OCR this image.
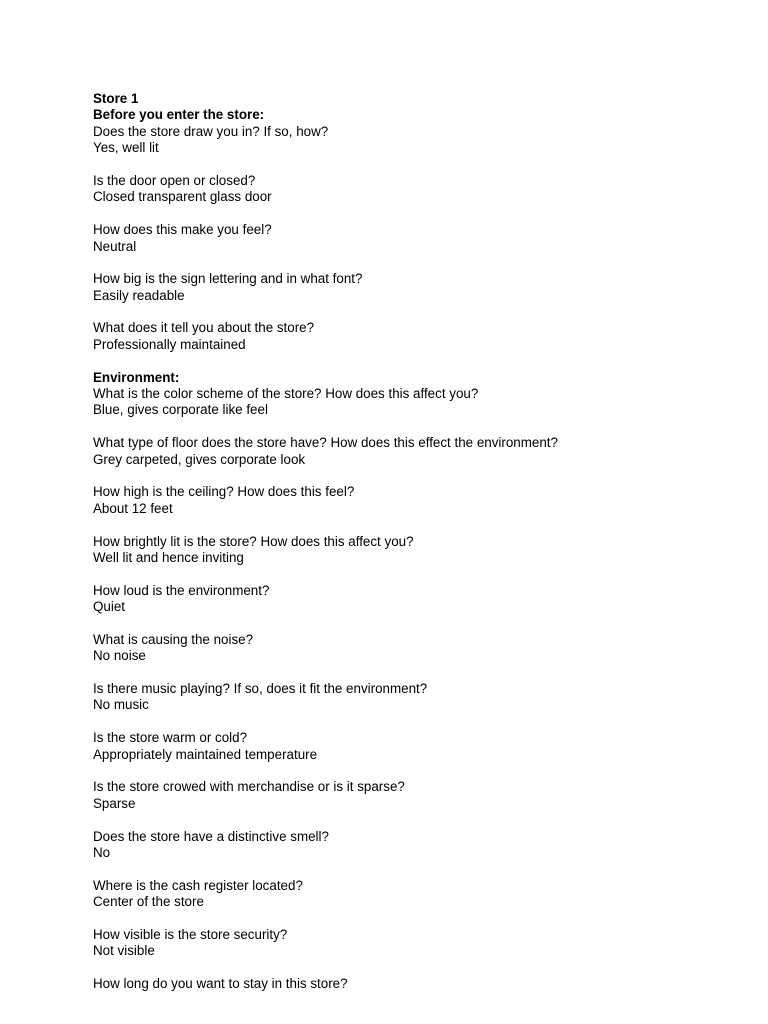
Store 1

Before you enter the store:

Does the store draw you in? If so, how?

Yes, well lit

Is the door open or closed?

Closed transparent glass door

How does this make you feel?

Neutral

How big is the sign lettering and in what font?

Easily readable

What does it tell you about the store?

Professionally maintained

Environment:

What is the color scheme of the store? How does this affect you?

Blue, gives corporate like feel

What type of floor does the store have? How does this effect the environment?

Grey carpeted, gives corporate look

How high is the ceiling? How does this feel?

About 12 feet

How brightly lit is the store? How does this affect you?

Well lit and hence inviting

How loud is the environment?

Quiet

What is causing the noise?

No noise

Is there music playing? If so, does it fit the environment?

No music

Is the store warm or cold?

Appropriately maintained temperature

Is the store crowed with merchandise or is it sparse?

Sparse

Does the store have a distinctive smell?

No

Where is the cash register located?

Center of the store

How visible is the store security?

Not visible

How long do you want to stay in this store?
